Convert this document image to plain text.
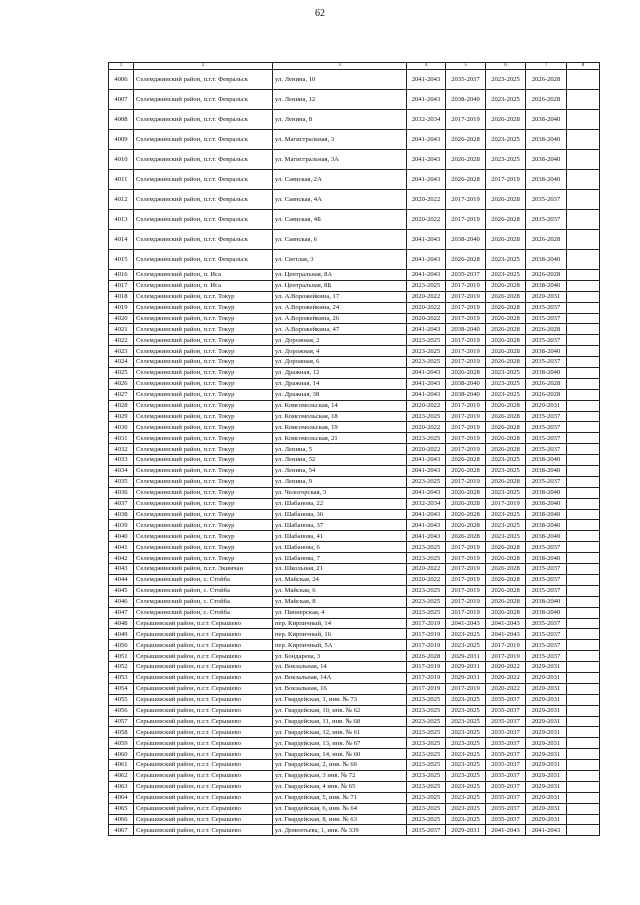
62
1	2	3	4	5	6	7	8
4006	Селемджинский район, п.г.т. Февральск	ул. Ленина, 10	2041-2043	2035-2037	2023-2025	2026-2028	
4007	Селемджинский район, п.г.т. Февральск	ул. Ленина, 12	2041-2043	2038-2040	2023-2025	2026-2028	
4008	Селемджинский район, п.г.т. Февральск	ул. Ленина, 8	2032-2034	2017-2019	2026-2028	2038-2040	
4009	Селемджинский район, п.г.т. Февральск	ул. Магистральная, 3	2041-2043	2026-2028	2023-2025	2038-2040	
4010	Селемджинский район, п.г.т. Февральск	ул. Магистральная, 3А	2041-2043	2026-2028	2023-2025	2038-2040	
4011	Селемджинский район, п.г.т. Февральск	ул. Саянская, 2А	2041-2043	2026-2028	2017-2019	2038-2040	
4012	Селемджинский район, п.г.т. Февральск	ул. Саянская, 4А	2020-2022	2017-2019	2026-2028	2035-2037	
4013	Селемджинский район, п.г.т. Февральск	ул. Саянская, 4Б	2020-2022	2017-2019	2026-2028	2035-2037	
4014	Селемджинский район, п.г.т. Февральск	ул. Саянская, 6	2041-2043	2038-2040	2026-2028	2026-2028	
4015	Селемджинский район, п.г.т. Февральск	ул. Светлая, 3	2041-2043	2026-2028	2023-2025	2038-2040	
4016	Селемджинский район, п. Иса	ул. Центральная, 8А	2041-2043	2035-2037	2023-2025	2026-2028	
4017	Селемджинский район, п. Иса	ул. Центральная, 8Б	2023-2025	2017-2019	2026-2028	2038-2040	
4018	Селемджинский район, п.г.т. Токур	ул. А.Ворожейкина, 17	2020-2022	2017-2019	2026-2028	2029-2031	
4019	Селемджинский район, п.г.т. Токур	ул. А.Ворожейкина, 24	2020-2022	2017-2019	2026-2028	2035-2037	
4020	Селемджинский район, п.г.т. Токур	ул. А.Ворожейкина, 26	2020-2022	2017-2019	2026-2028	2035-2037	
4021	Селемджинский район, п.г.т. Токур	ул. А.Ворожейкина, 47	2041-2043	2038-2040	2026-2028	2026-2028	
4022	Селемджинский район, п.г.т. Токур	ул. Дорожная, 2	2023-2025	2017-2019	2026-2028	2035-2037	
4023	Селемджинский район, п.г.т. Токур	ул. Дорожная, 4	2023-2025	2017-2019	2026-2028	2038-2040	
4024	Селемджинский район, п.г.т. Токур	ул. Дорожная, 6	2023-2025	2017-2019	2026-2028	2035-2037	
4025	Селемджинский район, п.г.т. Токур	ул. Дражная, 12	2041-2043	2026-2028	2023-2025	2038-2040	
4026	Селемджинский район, п.г.т. Токур	ул. Дражная, 14	2041-2043	2038-2040	2023-2025	2026-2028	
4027	Селемджинский район, п.г.т. Токур	ул. Дражная, 38	2041-2043	2038-2040	2023-2025	2026-2028	
4028	Селемджинский район, п.г.т. Токур	ул. Комсомольская, 14	2020-2022	2017-2019	2026-2028	2029-2031	
4029	Селемджинский район, п.г.т. Токур	ул. Комсомольская, 18	2023-2025	2017-2019	2026-2028	2035-2037	
4030	Селемджинский район, п.г.т. Токур	ул. Комсомольская, 19	2020-2022	2017-2019	2026-2028	2035-2037	
4031	Селемджинский район, п.г.т. Токур	ул. Комсомольская, 21	2023-2025	2017-2019	2026-2028	2035-2037	
4032	Селемджинский район, п.г.т. Токур	ул. Ленина, 5	2020-2022	2017-2019	2026-2028	2035-2037	
4033	Селемджинский район, п.г.т. Токур	ул. Ленина, 52	2041-2043	2026-2028	2023-2025	2038-2040	
4034	Селемджинский район, п.г.т. Токур	ул. Ленина, 54	2041-2043	2026-2028	2023-2025	2038-2040	
4035	Селемджинский район, п.г.т. Токур	ул. Ленина, 9	2023-2025	2017-2019	2026-2028	2035-2037	
4036	Селемджинский район, п.г.т. Токур	ул. Челогорская, 3	2041-2043	2026-2028	2023-2025	2038-2040	
4037	Селемджинский район, п.г.т. Токур	ул. Шабанова, 22	2032-2034	2026-2028	2017-2019	2038-2040	
4038	Селемджинский район, п.г.т. Токур	ул. Шабанова, 36	2041-2043	2026-2028	2023-2025	2038-2040	
4039	Селемджинский район, п.г.т. Токур	ул. Шабанова, 37	2041-2043	2026-2028	2023-2025	2038-2040	
4040	Селемджинский район, п.г.т. Токур	ул. Шабанова, 41	2041-2043	2026-2028	2023-2025	2038-2040	
4041	Селемджинский район, п.г.т. Токур	ул. Шабанова, 6	2023-2025	2017-2019	2026-2028	2035-2037	
4042	Селемджинский район, п.г.т. Токур	ул. Шабанова, 7	2023-2025	2017-2019	2026-2028	2038-2040	
4043	Селемджинский район, п.г.т. Экимчан	ул. Школьная, 21	2020-2022	2017-2019	2026-2028	2035-2037	
4044	Селемджинский район, с. Стойба	ул. Майская, 24	2020-2022	2017-2019	2026-2028	2035-2037	
4045	Селемджинский район, с. Стойба	ул. Майская, 6	2023-2025	2017-2019	2026-2028	2035-2037	
4046	Селемджинский район, с. Стойба	ул. Майская, 8	2023-2025	2017-2019	2026-2028	2038-2040	
4047	Селемджинский район, с. Стойба	ул. Пионерская, 4	2023-2025	2017-2019	2026-2028	2038-2040	
4048	Серышевский район, п.г.т. Серышево	пер. Кирпичный, 14	2017-2019	2041-2043	2041-2043	2035-2037	
4049	Серышевский район, п.г.т. Серышево	пер. Кирпичный, 16	2017-2019	2023-2025	2041-2043	2035-2037	
4050	Серышевский район, п.г.т. Серышево	пер. Кирпичный, 5А	2017-2019	2023-2025	2017-2019	2035-2037	
4051	Серышевский район, п.г.т. Серышево	ул. Бондарева, 3	2026-2028	2029-2031	2017-2019	2035-2037	
4052	Серышевский район, п.г.т. Серышево	ул. Вокзальная, 14	2017-2019	2029-2031	2020-2022	2029-2031	
4053	Серышевский район, п.г.т. Серышево	ул. Вокзальная, 14А	2017-2019	2029-2031	2020-2022	2029-2031	
4054	Серышевский район, п.г.т. Серышево	ул. Вокзальная, 16	2017-2019	2017-2019	2020-2022	2029-2031	
4055	Серышевский район, п.г.т. Серышево	ул. Гвардейская, 1, инв. № 73	2023-2025	2023-2025	2035-2037	2029-2031	
4056	Серышевский район, п.г.т. Серышево	ул. Гвардейская, 10, инв. № 62	2023-2025	2023-2025	2035-2037	2029-2031	
4057	Серышевский район, п.г.т. Серышево	ул. Гвардейская, 11, инв. № 68	2023-2025	2023-2025	2035-2037	2029-2031	
4058	Серышевский район, п.г.т. Серышево	ул. Гвардейская, 12, инв. № 61	2023-2025	2023-2025	2035-2037	2029-2031	
4059	Серышевский район, п.г.т. Серышево	ул. Гвардейская, 13, инв. № 67	2023-2025	2023-2025	2035-2037	2029-2031	
4060	Серышевский район, п.г.т. Серышево	ул. Гвардейская, 14, инв. № 60	2023-2025	2023-2025	2035-2037	2029-2031	
4061	Серышевский район, п.г.т. Серышево	ул. Гвардейская, 2, инв. № 66	2023-2025	2023-2025	2035-2037	2029-2031	
4062	Серышевский район, п.г.т. Серышево	ул. Гвардейская, 3 инв. № 72	2023-2025	2023-2025	2035-2037	2029-2031	
4063	Серышевский район, п.г.т. Серышево	ул. Гвардейская, 4 инв. № 65	2023-2025	2023-2025	2035-2037	2029-2031	
4064	Серышевский район, п.г.т. Серышево	ул. Гвардейская, 5, инв. № 71	2023-2025	2023-2025	2035-2037	2029-2031	
4065	Серышевский район, п.г.т. Серышево	ул. Гвардейская, 6, инв. № 64	2023-2025	2023-2025	2035-2037	2029-2031	
4066	Серышевский район, п.г.т. Серышево	ул. Гвардейская, 8, инв. № 63	2023-2025	2023-2025	2035-2037	2029-2031	
4067	Серышевский район, п.г.т. Серышево	ул. Дементьева, 1, инв. № 339	2035-2037	2029-2031	2041-2043	2041-2043	
